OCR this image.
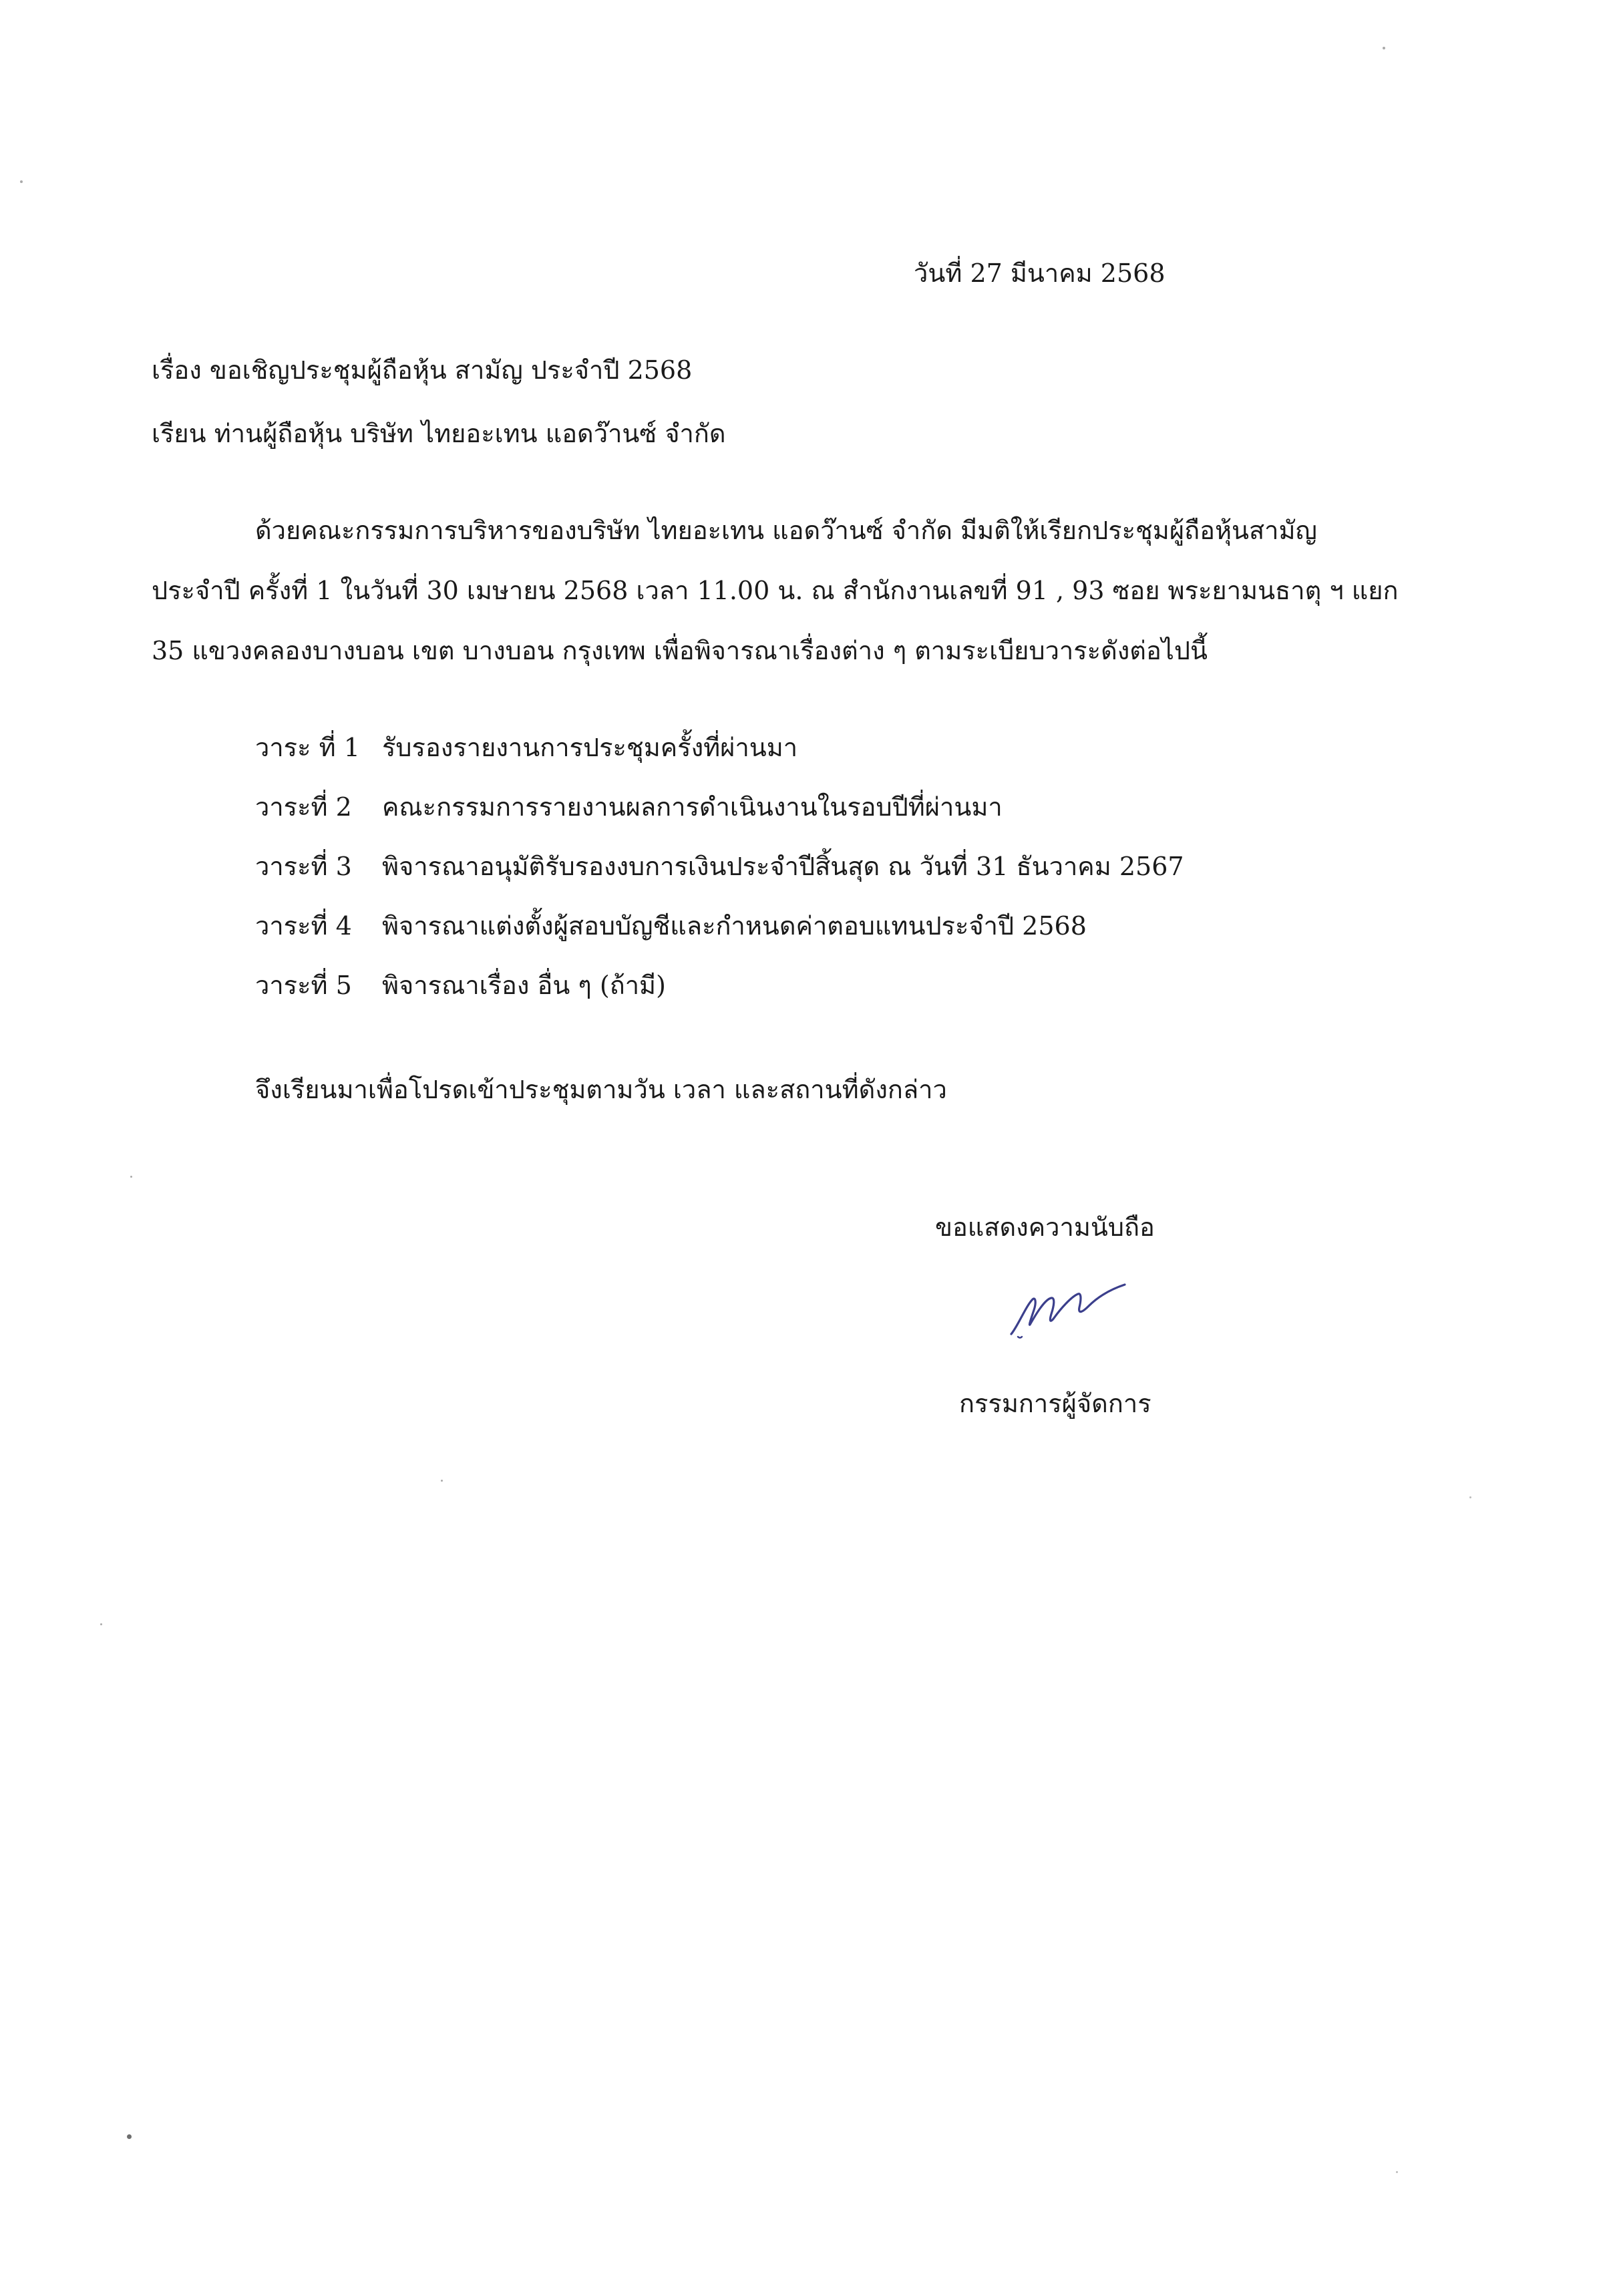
วันที่ 27 มีนาคม 2568
เรื่อง ขอเชิญประชุมผู้ถือหุ้น สามัญ ประจำปี 2568
เรียน ท่านผู้ถือหุ้น บริษัท ไทยอะเทน แอดว๊านซ์ จำกัด
ด้วยคณะกรรมการบริหารของบริษัท ไทยอะเทน แอดว๊านซ์ จำกัด มีมติให้เรียกประชุมผู้ถือหุ้นสามัญ
ประจำปี ครั้งที่ 1 ในวันที่ 30 เมษายน 2568 เวลา 11.00 น. ณ สำนักงานเลขที่ 91 , 93 ซอย พระยามนธาตุ ฯ แยก
35 แขวงคลองบางบอน เขต บางบอน กรุงเทพ เพื่อพิจารณาเรื่องต่าง ๆ ตามระเบียบวาระดังต่อไปนี้
วาระ ที่ 1 รับรองรายงานการประชุมครั้งที่ผ่านมา
วาระที่ 2 คณะกรรมการรายงานผลการดำเนินงานในรอบปีที่ผ่านมา
วาระที่ 3 พิจารณาอนุมัติรับรองงบการเงินประจำปีสิ้นสุด ณ วันที่ 31 ธันวาคม 2567
วาระที่ 4 พิจารณาแต่งตั้งผู้สอบบัญชีและกำหนดค่าตอบแทนประจำปี 2568
วาระที่ 5 พิจารณาเรื่อง อื่น ๆ (ถ้ามี)
จึงเรียนมาเพื่อโปรดเข้าประชุมตามวัน เวลา และสถานที่ดังกล่าว
ขอแสดงความนับถือ
กรรมการผู้จัดการ
